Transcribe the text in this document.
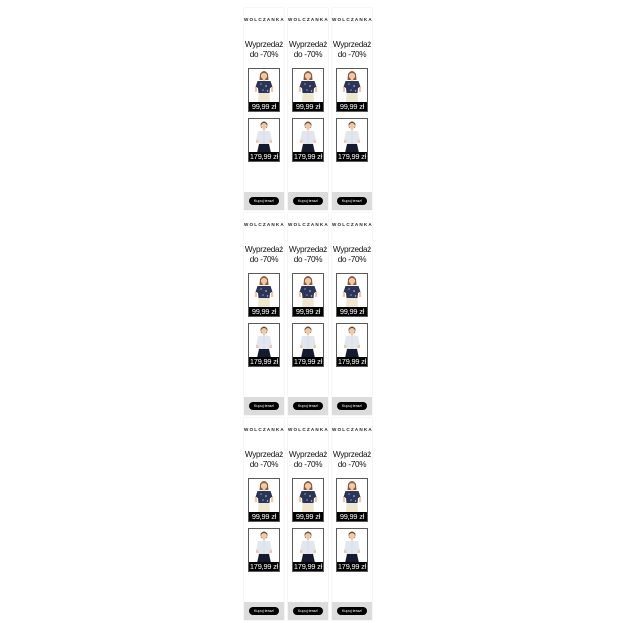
WOLCZANKA
Wyprzedaż
do -70%
99,99 zł
179,99 zł
Kupuj teraz!
WOLCZANKA
Wyprzedaż
do -70%
99,99 zł
179,99 zł
Kupuj teraz!
WOLCZANKA
Wyprzedaż
do -70%
99,99 zł
179,99 zł
Kupuj teraz!
WOLCZANKA
Wyprzedaż
do -70%
99,99 zł
179,99 zł
Kupuj teraz!
WOLCZANKA
Wyprzedaż
do -70%
99,99 zł
179,99 zł
Kupuj teraz!
WOLCZANKA
Wyprzedaż
do -70%
99,99 zł
179,99 zł
Kupuj teraz!
WOLCZANKA
Wyprzedaż
do -70%
99,99 zł
179,99 zł
Kupuj teraz!
WOLCZANKA
Wyprzedaż
do -70%
99,99 zł
179,99 zł
Kupuj teraz!
WOLCZANKA
Wyprzedaż
do -70%
99,99 zł
179,99 zł
Kupuj teraz!
